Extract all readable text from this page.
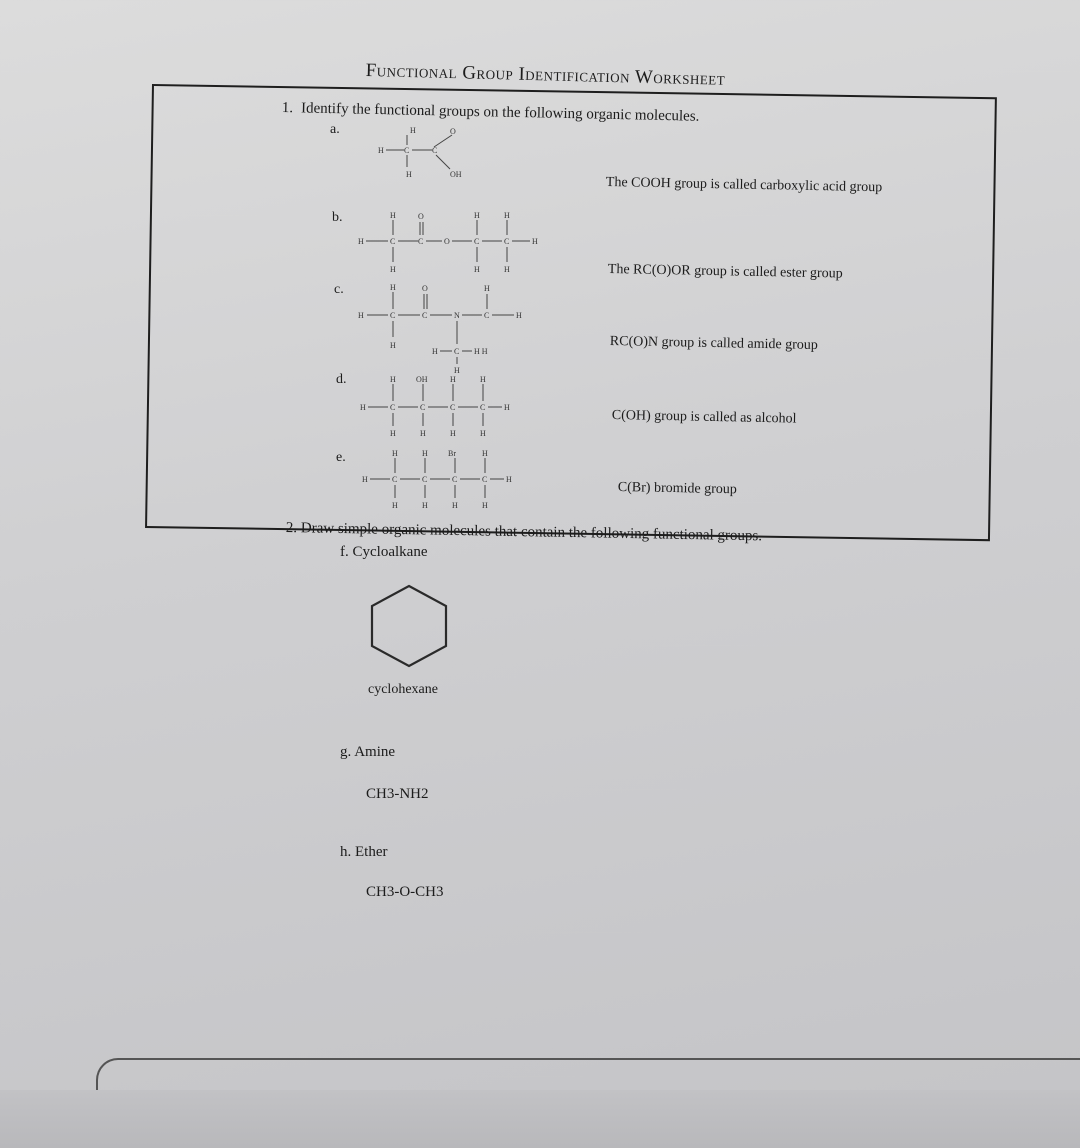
Functional Group Identification Worksheet
1. Identify the functional groups on the following organic molecules.
a.
H	C
H
C
O
OH
H
The COOH group is called carboxylic acid group
b.
H	C
H
H
C
O
O	C
H
H
C
H
H
H
The RC(O)OR group is called ester group
c.
H	C
H
H
C
O
N	C
H
H
H C H H
H
RC(O)N group is called amide group
d.
H	C
H
H
C
OH
H
C
H
H
C
H
H
H
C(OH) group is called as alcohol
e.
H	C
H
H
C
H
H
C
Br
H
C
H
H
H
C(Br) bromide group
2. Draw simple organic molecules that contain the following functional groups.
f. Cycloalkane
cyclohexane
g. Amine
CH3-NH2
h. Ether
CH3-O-CH3
